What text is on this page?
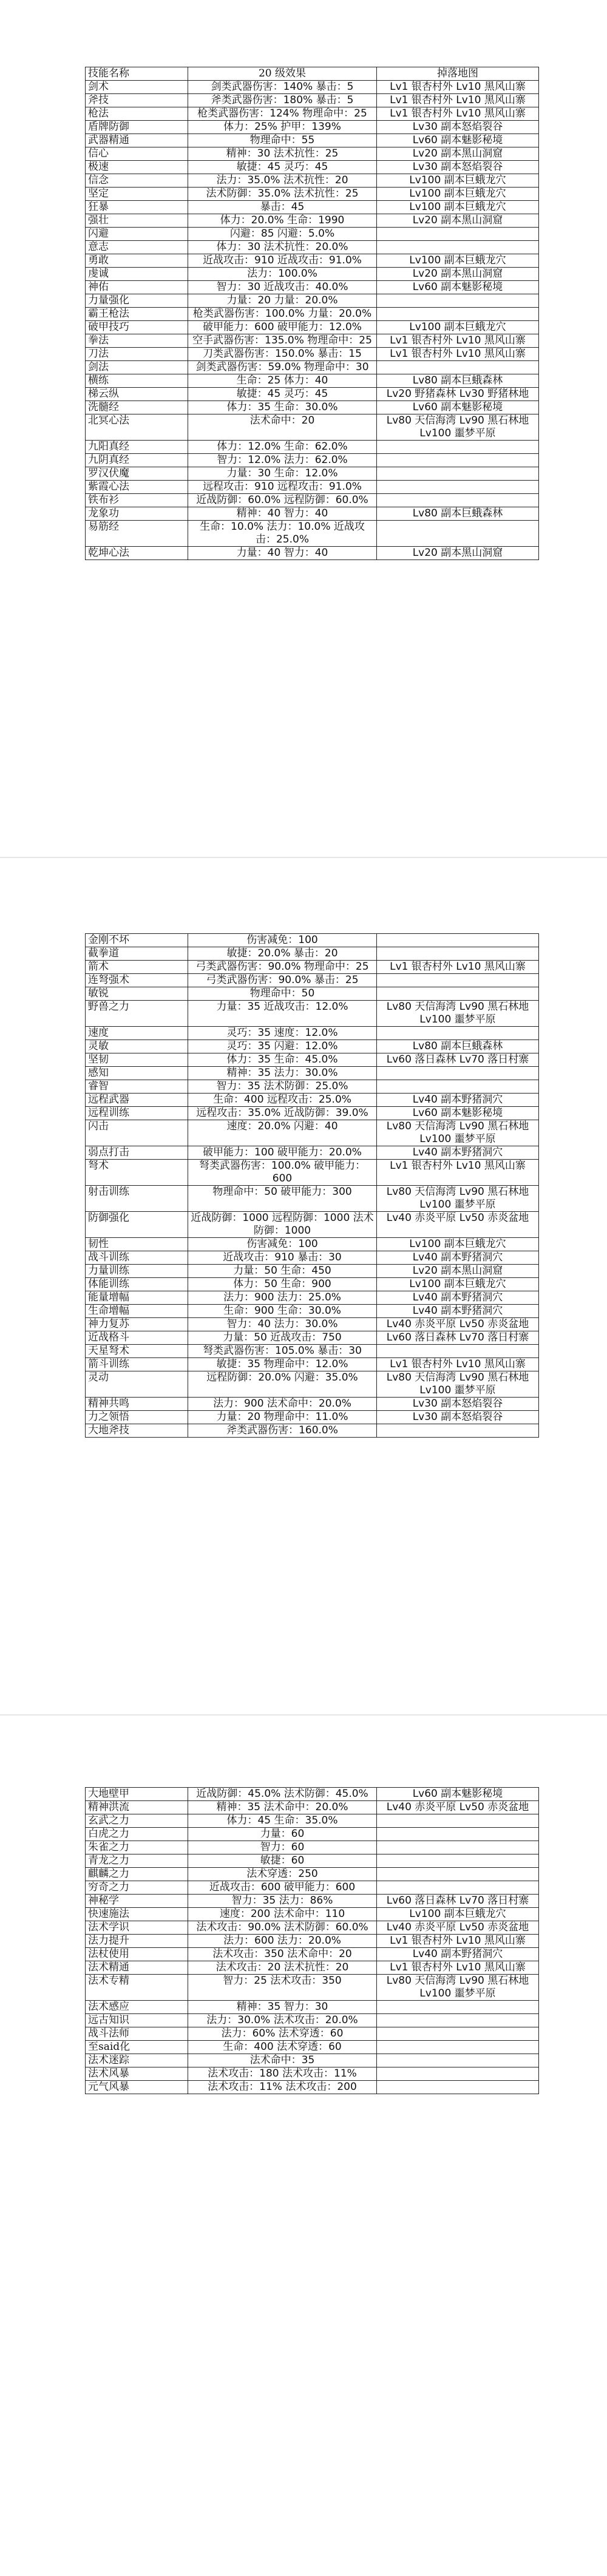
技能名称	20 级效果	掉落地图
剑术	剑类武器伤害：140% 暴击：5	Lv1 银杏村外 Lv10 黑风山寨
斧技	斧类武器伤害：180% 暴击：5	Lv1 银杏村外 Lv10 黑风山寨
枪法	枪类武器伤害：124% 物理命中：25	Lv1 银杏村外 Lv10 黑风山寨
盾牌防御	体力：25% 护甲：139%	Lv30 副本怒焰裂谷
武器精通	物理命中：55	Lv60 副本魅影秘境
信心	精神：30 法术抗性：25	Lv20 副本黑山洞窟
极速	敏捷：45 灵巧：45	Lv30 副本怒焰裂谷
信念	法力：35.0% 法术抗性：20	Lv100 副本巨蛾龙穴
坚定	法术防御：35.0% 法术抗性：25	Lv100 副本巨蛾龙穴
狂暴	暴击：45	Lv100 副本巨蛾龙穴
强壮	体力：20.0% 生命：1990	Lv20 副本黑山洞窟
闪避	闪避：85 闪避：5.0%	
意志	体力：30 法术抗性：20.0%	
勇敢	近战攻击：910 近战攻击：91.0%	Lv100 副本巨蛾龙穴
虔诚	法力：100.0%	Lv20 副本黑山洞窟
神佑	智力：30 近战攻击：40.0%	Lv60 副本魅影秘境
力量强化	力量：20 力量：20.0%	
霸王枪法	枪类武器伤害：100.0% 力量：20.0%	
破甲技巧	破甲能力：600 破甲能力：12.0%	Lv100 副本巨蛾龙穴
拳法	空手武器伤害：135.0% 物理命中：25	Lv1 银杏村外 Lv10 黑风山寨
刀法	刀类武器伤害：150.0% 暴击：15	Lv1 银杏村外 Lv10 黑风山寨
剑法	剑类武器伤害：59.0% 物理命中：30	
横练	生命：25 体力：40	Lv80 副本巨蛾森林
梯云纵	敏捷：45 灵巧：45	Lv20 野猪森林 Lv30 野猪林地
洗髓经	体力：35 生命：30.0%	Lv60 副本魅影秘境
北冥心法	法术命中：20	Lv80 天信海湾 Lv90 黑石林地 Lv100 噩梦平原
九阳真经	体力：12.0% 生命：62.0%	
九阴真经	智力：12.0% 法力：62.0%	
罗汉伏魔	力量：30 生命：12.0%	
紫霞心法	远程攻击：910 远程攻击：91.0%	
铁布衫	近战防御：60.0% 远程防御：60.0%	
龙象功	精神：40 智力：40	Lv80 副本巨蛾森林
易筋经	生命：10.0% 法力：10.0% 近战攻击：25.0%	
乾坤心法	力量：40 智力：40	Lv20 副本黑山洞窟
金刚不坏	伤害减免：100	
截拳道	敏捷：20.0% 暴击：20	
箭术	弓类武器伤害：90.0% 物理命中：25	Lv1 银杏村外 Lv10 黑风山寨
连弩强术	弓类武器伤害：90.0% 暴击：25	
敏锐	物理命中：50	
野兽之力	力量：35 近战攻击：12.0%	Lv80 天信海湾 Lv90 黑石林地 Lv100 噩梦平原
速度	灵巧：35 速度：12.0%	
灵敏	灵巧：35 闪避：12.0%	Lv80 副本巨蛾森林
坚韧	体力：35 生命：45.0%	Lv60 落日森林 Lv70 落日村寨
感知	精神：35 法力：30.0%	
睿智	智力：35 法术防御：25.0%	
远程武器	生命：400 远程攻击：25.0%	Lv40 副本野猪洞穴
远程训练	远程攻击：35.0% 近战防御：39.0%	Lv60 副本魅影秘境
闪击	速度：20.0% 闪避：40	Lv80 天信海湾 Lv90 黑石林地 Lv100 噩梦平原
弱点打击	破甲能力：100 破甲能力：20.0%	Lv40 副本野猪洞穴
弩术	弩类武器伤害：100.0% 破甲能力：600	Lv1 银杏村外 Lv10 黑风山寨
射击训练	物理命中：50 破甲能力：300	Lv80 天信海湾 Lv90 黑石林地 Lv100 噩梦平原
防御强化	近战防御：1000 远程防御：1000 法术防御：1000	Lv40 赤炎平原 Lv50 赤炎盆地
韧性	伤害减免：100	Lv100 副本巨蛾龙穴
战斗训练	近战攻击：910 暴击：30	Lv40 副本野猪洞穴
力量训练	力量：50 生命：450	Lv20 副本黑山洞窟
体能训练	体力：50 生命：900	Lv100 副本巨蛾龙穴
能量增幅	法力：900 法力：25.0%	Lv40 副本野猪洞穴
生命增幅	生命：900 生命：30.0%	Lv40 副本野猪洞穴
神力复苏	智力：40 法力：30.0%	Lv40 赤炎平原 Lv50 赤炎盆地
近战格斗	力量：50 近战攻击：750	Lv60 落日森林 Lv70 落日村寨
天星弩术	弩类武器伤害：105.0% 暴击：30	
箭斗训练	敏捷：35 物理命中：12.0%	Lv1 银杏村外 Lv10 黑风山寨
灵动	远程防御：20.0% 闪避：35.0%	Lv80 天信海湾 Lv90 黑石林地 Lv100 噩梦平原
精神共鸣	法力：900 法术命中：20.0%	Lv30 副本怒焰裂谷
力之领悟	力量：20 物理命中：11.0%	Lv30 副本怒焰裂谷
大地斧技	斧类武器伤害：160.0%	
大地壁甲	近战防御：45.0% 法术防御：45.0%	Lv60 副本魅影秘境
精神洪流	精神：35 法术命中：20.0%	Lv40 赤炎平原 Lv50 赤炎盆地
玄武之力	体力：45 生命：35.0%	
白虎之力	力量：60	
朱雀之力	智力：60	
青龙之力	敏捷：60	
麒麟之力	法术穿透：250	
穷奇之力	近战攻击：600 破甲能力：600	
神秘学	智力：35 法力：86%	Lv60 落日森林 Lv70 落日村寨
快速施法	速度：200 法术命中：110	Lv100 副本巨蛾龙穴
法术学识	法术攻击：90.0% 法术防御：60.0%	Lv40 赤炎平原 Lv50 赤炎盆地
法力提升	法力：600 法力：20.0%	Lv1 银杏村外 Lv10 黑风山寨
法杖使用	法术攻击：350 法术命中：20	Lv40 副本野猪洞穴
法术精通	法术攻击：20 法术抗性：20	Lv1 银杏村外 Lv10 黑风山寨
法术专精	智力：25 法术攻击：350	Lv80 天信海湾 Lv90 黑石林地 Lv100 噩梦平原
法术感应	精神：35 智力：30	
远古知识	法力：30.0% 法术攻击：20.0%	
战斗法师	法力：60% 法术穿透：60	
至said化	生命：400 法术穿透：60	
法术迷踪	法术命中：35	
法术风暴	法术攻击：180 法术攻击：11%	
元气风暴	法术攻击：11% 法术攻击：200	
